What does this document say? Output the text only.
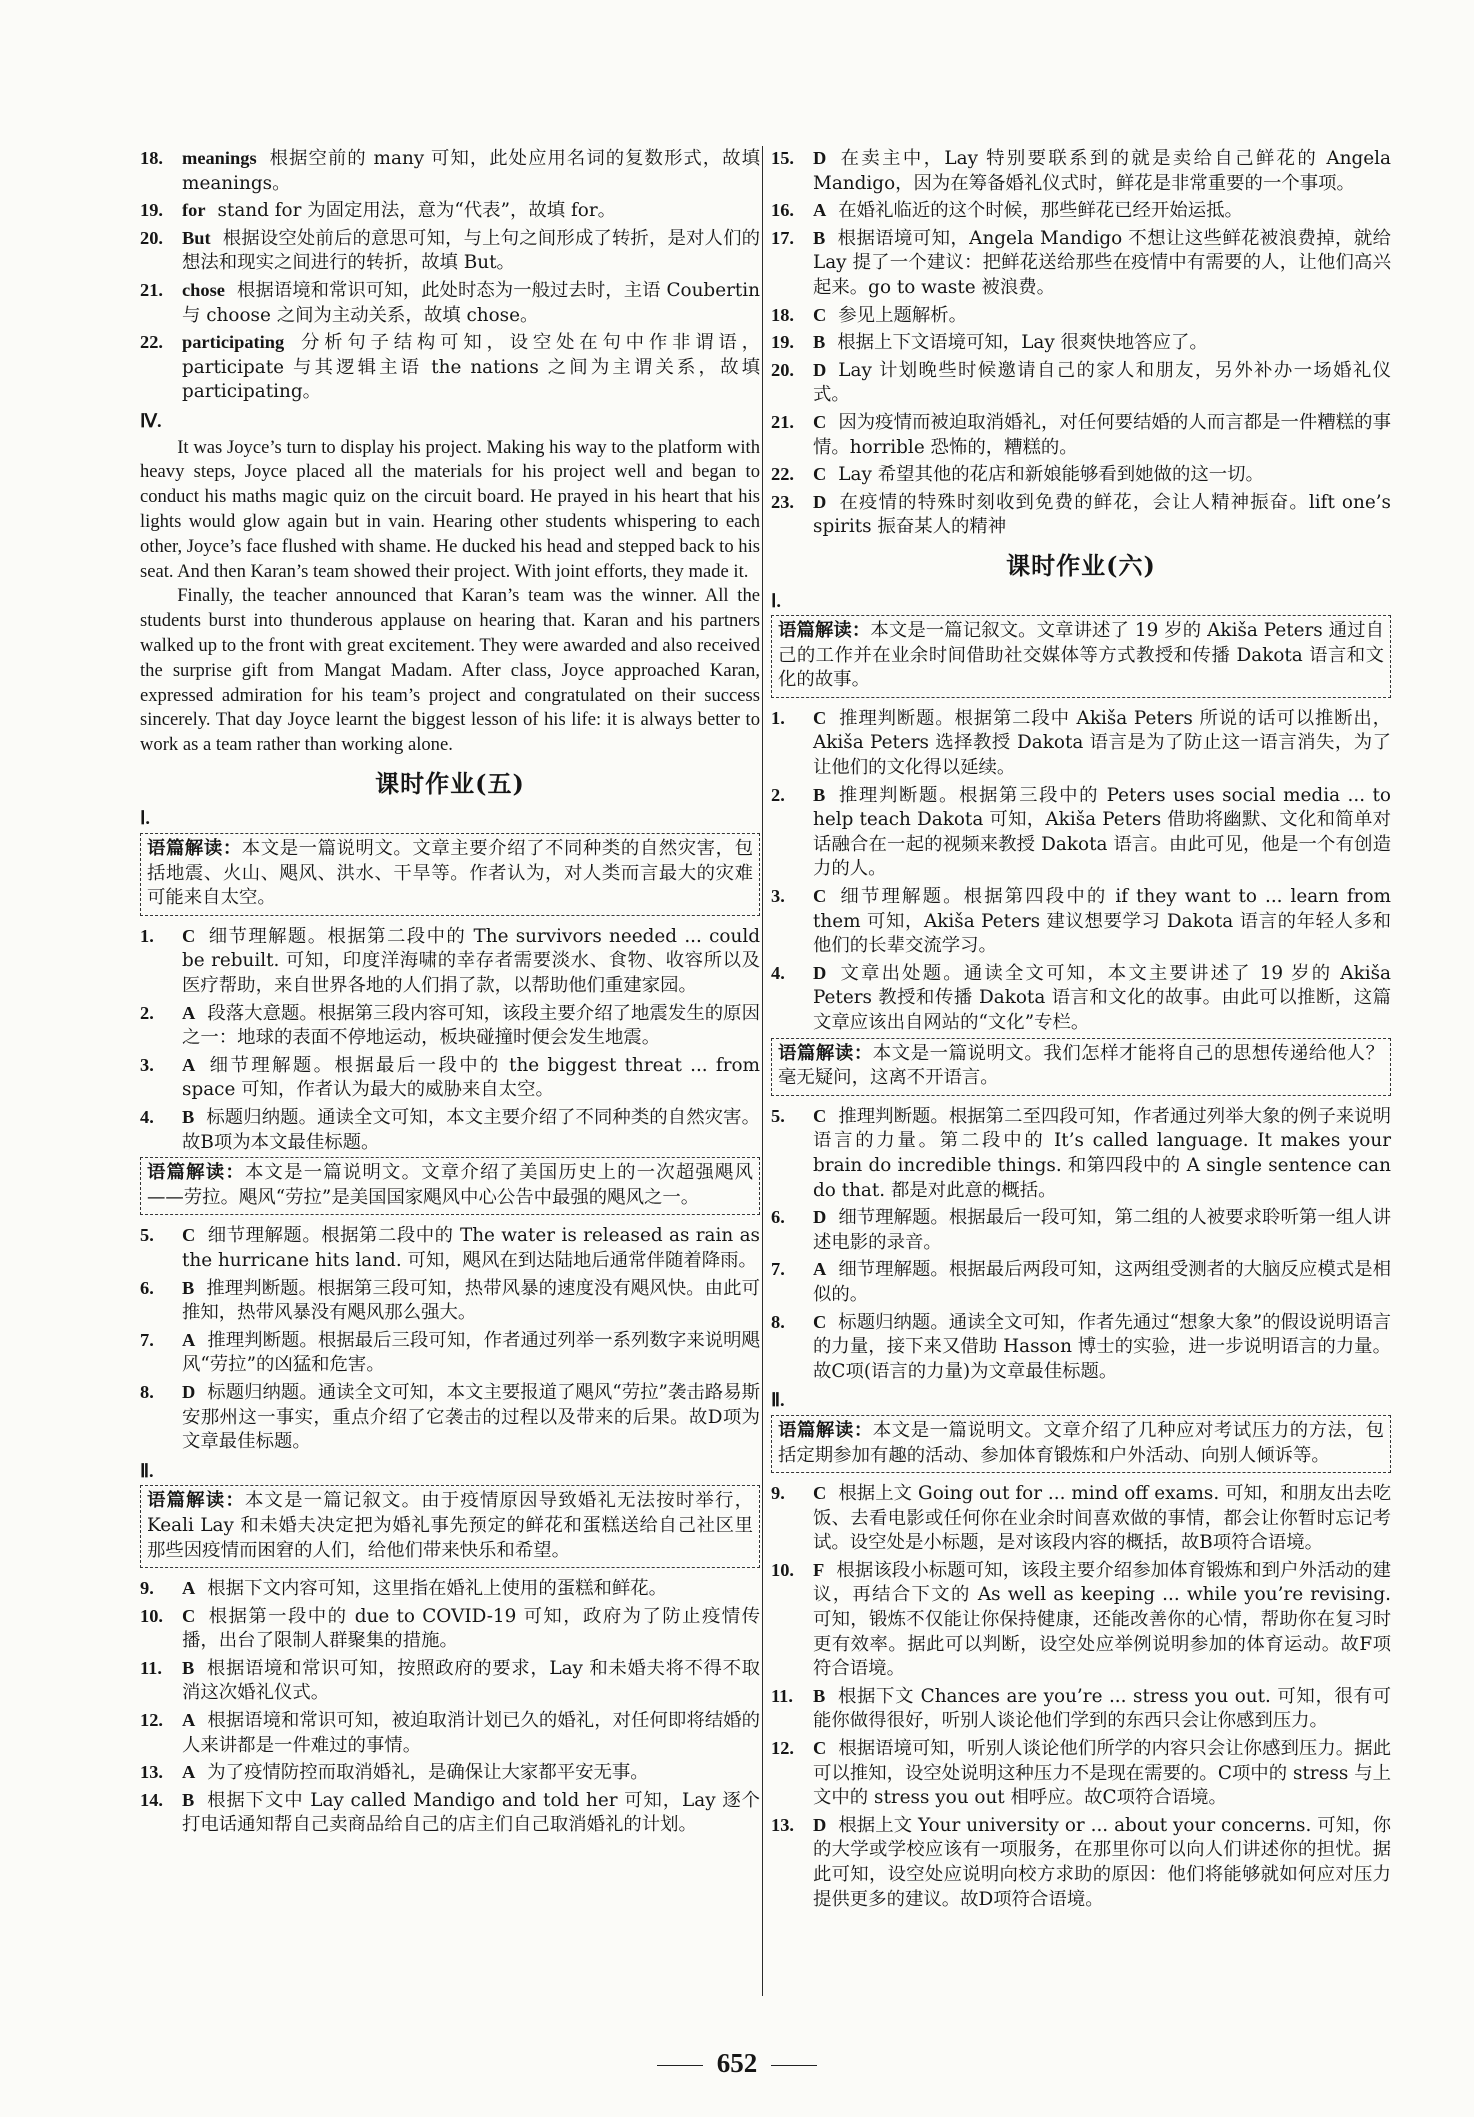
18. meanings 根据空前的 many 可知，此处应用名词的复数形式，故填 meanings。
19. for stand for 为固定用法，意为“代表”，故填 for。
20. But 根据设空处前后的意思可知，与上句之间形成了转折，是对人们的想法和现实之间进行的转折，故填 But。
21. chose 根据语境和常识可知，此处时态为一般过去时，主语 Coubertin 与 choose 之间为主动关系，故填 chose。
22. participating 分析句子结构可知，设空处在句中作非谓语，participate 与其逻辑主语 the nations 之间为主谓关系，故填 participating。
Ⅳ.

It was Joyce’s turn to display his project. Making his way to the platform with heavy steps, Joyce placed all the materials for his project well and began to conduct his maths magic quiz on the circuit board. He prayed in his heart that his lights would glow again but in vain. Hearing other students whispering to each other, Joyce’s face flushed with shame. He ducked his head and stepped back to his seat. And then Karan’s team showed their project. With joint efforts, they made it.

Finally, the teacher announced that Karan’s team was the winner. All the students burst into thunderous applause on hearing that. Karan and his partners walked up to the front with great excitement. They were awarded and also received the surprise gift from Mangat Madam. After class, Joyce approached Karan, expressed admiration for his team’s project and congratulated on their success sincerely. That day Joyce learnt the biggest lesson of his life: it is always better to work as a team rather than working alone.

课时作业(五)
Ⅰ.
语篇解读：本文是一篇说明文。文章主要介绍了不同种类的自然灾害，包括地震、火山、飓风、洪水、干旱等。作者认为，对人类而言最大的灾难可能来自太空。
1. C 细节理解题。根据第二段中的 The survivors needed ... could be rebuilt. 可知，印度洋海啸的幸存者需要淡水、食物、收容所以及医疗帮助，来自世界各地的人们捐了款，以帮助他们重建家园。
2. A 段落大意题。根据第三段内容可知，该段主要介绍了地震发生的原因之一：地球的表面不停地运动，板块碰撞时便会发生地震。
3. A 细节理解题。根据最后一段中的 the biggest threat ... from space 可知，作者认为最大的威胁来自太空。
4. B 标题归纳题。通读全文可知，本文主要介绍了不同种类的自然灾害。故B项为本文最佳标题。
语篇解读：本文是一篇说明文。文章介绍了美国历史上的一次超强飓风——劳拉。飓风“劳拉”是美国国家飓风中心公告中最强的飓风之一。
5. C 细节理解题。根据第二段中的 The water is released as rain as the hurricane hits land. 可知，飓风在到达陆地后通常伴随着降雨。
6. B 推理判断题。根据第三段可知，热带风暴的速度没有飓风快。由此可推知，热带风暴没有飓风那么强大。
7. A 推理判断题。根据最后三段可知，作者通过列举一系列数字来说明飓风“劳拉”的凶猛和危害。
8. D 标题归纳题。通读全文可知，本文主要报道了飓风“劳拉”袭击路易斯安那州这一事实，重点介绍了它袭击的过程以及带来的后果。故D项为文章最佳标题。
Ⅱ.
语篇解读：本文是一篇记叙文。由于疫情原因导致婚礼无法按时举行，Keali Lay 和未婚夫决定把为婚礼事先预定的鲜花和蛋糕送给自己社区里那些因疫情而困窘的人们，给他们带来快乐和希望。
9. A 根据下文内容可知，这里指在婚礼上使用的蛋糕和鲜花。
10. C 根据第一段中的 due to COVID-19 可知，政府为了防止疫情传播，出台了限制人群聚集的措施。
11. B 根据语境和常识可知，按照政府的要求，Lay 和未婚夫将不得不取消这次婚礼仪式。
12. A 根据语境和常识可知，被迫取消计划已久的婚礼，对任何即将结婚的人来讲都是一件难过的事情。
13. A 为了疫情防控而取消婚礼，是确保让大家都平安无事。
14. B 根据下文中 Lay called Mandigo and told her 可知，Lay 逐个打电话通知帮自己卖商品给自己的店主们自己取消婚礼的计划。
15. D 在卖主中，Lay 特别要联系到的就是卖给自己鲜花的 Angela Mandigo，因为在筹备婚礼仪式时，鲜花是非常重要的一个事项。
16. A 在婚礼临近的这个时候，那些鲜花已经开始运抵。
17. B 根据语境可知，Angela Mandigo 不想让这些鲜花被浪费掉，就给 Lay 提了一个建议：把鲜花送给那些在疫情中有需要的人，让他们高兴起来。go to waste 被浪费。
18. C 参见上题解析。
19. B 根据上下文语境可知，Lay 很爽快地答应了。
20. D Lay 计划晚些时候邀请自己的家人和朋友，另外补办一场婚礼仪式。
21. C 因为疫情而被迫取消婚礼，对任何要结婚的人而言都是一件糟糕的事情。horrible 恐怖的，糟糕的。
22. C Lay 希望其他的花店和新娘能够看到她做的这一切。
23. D 在疫情的特殊时刻收到免费的鲜花，会让人精神振奋。lift one’s spirits 振奋某人的精神
课时作业(六)
Ⅰ.
语篇解读：本文是一篇记叙文。文章讲述了 19 岁的 Akiša Peters 通过自己的工作并在业余时间借助社交媒体等方式教授和传播 Dakota 语言和文化的故事。
1. C 推理判断题。根据第二段中 Akiša Peters 所说的话可以推断出，Akiša Peters 选择教授 Dakota 语言是为了防止这一语言消失，为了让他们的文化得以延续。
2. B 推理判断题。根据第三段中的 Peters uses social media ... to help teach Dakota 可知，Akiša Peters 借助将幽默、文化和简单对话融合在一起的视频来教授 Dakota 语言。由此可见，他是一个有创造力的人。
3. C 细节理解题。根据第四段中的 if they want to ... learn from them 可知，Akiša Peters 建议想要学习 Dakota 语言的年轻人多和他们的长辈交流学习。
4. D 文章出处题。通读全文可知，本文主要讲述了 19 岁的 Akiša Peters 教授和传播 Dakota 语言和文化的故事。由此可以推断，这篇文章应该出自网站的“文化”专栏。
语篇解读：本文是一篇说明文。我们怎样才能将自己的思想传递给他人？毫无疑问，这离不开语言。
5. C 推理判断题。根据第二至四段可知，作者通过列举大象的例子来说明语言的力量。第二段中的 It’s called language. It makes your brain do incredible things. 和第四段中的 A single sentence can do that. 都是对此意的概括。
6. D 细节理解题。根据最后一段可知，第二组的人被要求聆听第一组人讲述电影的录音。
7. A 细节理解题。根据最后两段可知，这两组受测者的大脑反应模式是相似的。
8. C 标题归纳题。通读全文可知，作者先通过“想象大象”的假设说明语言的力量，接下来又借助 Hasson 博士的实验，进一步说明语言的力量。故C项(语言的力量)为文章最佳标题。
Ⅱ.
语篇解读：本文是一篇说明文。文章介绍了几种应对考试压力的方法，包括定期参加有趣的活动、参加体育锻炼和户外活动、向别人倾诉等。
9. C 根据上文 Going out for ... mind off exams. 可知，和朋友出去吃饭、去看电影或任何你在业余时间喜欢做的事情，都会让你暂时忘记考试。设空处是小标题，是对该段内容的概括，故B项符合语境。
10. F 根据该段小标题可知，该段主要介绍参加体育锻炼和到户外活动的建议，再结合下文的 As well as keeping ... while you’re revising. 可知，锻炼不仅能让你保持健康，还能改善你的心情，帮助你在复习时更有效率。据此可以判断，设空处应举例说明参加的体育运动。故F项符合语境。
11. B 根据下文 Chances are you’re ... stress you out. 可知，很有可能你做得很好，听别人谈论他们学到的东西只会让你感到压力。
12. C 根据语境可知，听别人谈论他们所学的内容只会让你感到压力。据此可以推知，设空处说明这种压力不是现在需要的。C项中的 stress 与上文中的 stress you out 相呼应。故C项符合语境。
13. D 根据上文 Your university or ... about your concerns. 可知，你的大学或学校应该有一项服务，在那里你可以向人们讲述你的担忧。据此可知，设空处应说明向校方求助的原因：他们将能够就如何应对压力提供更多的建议。故D项符合语境。
652
